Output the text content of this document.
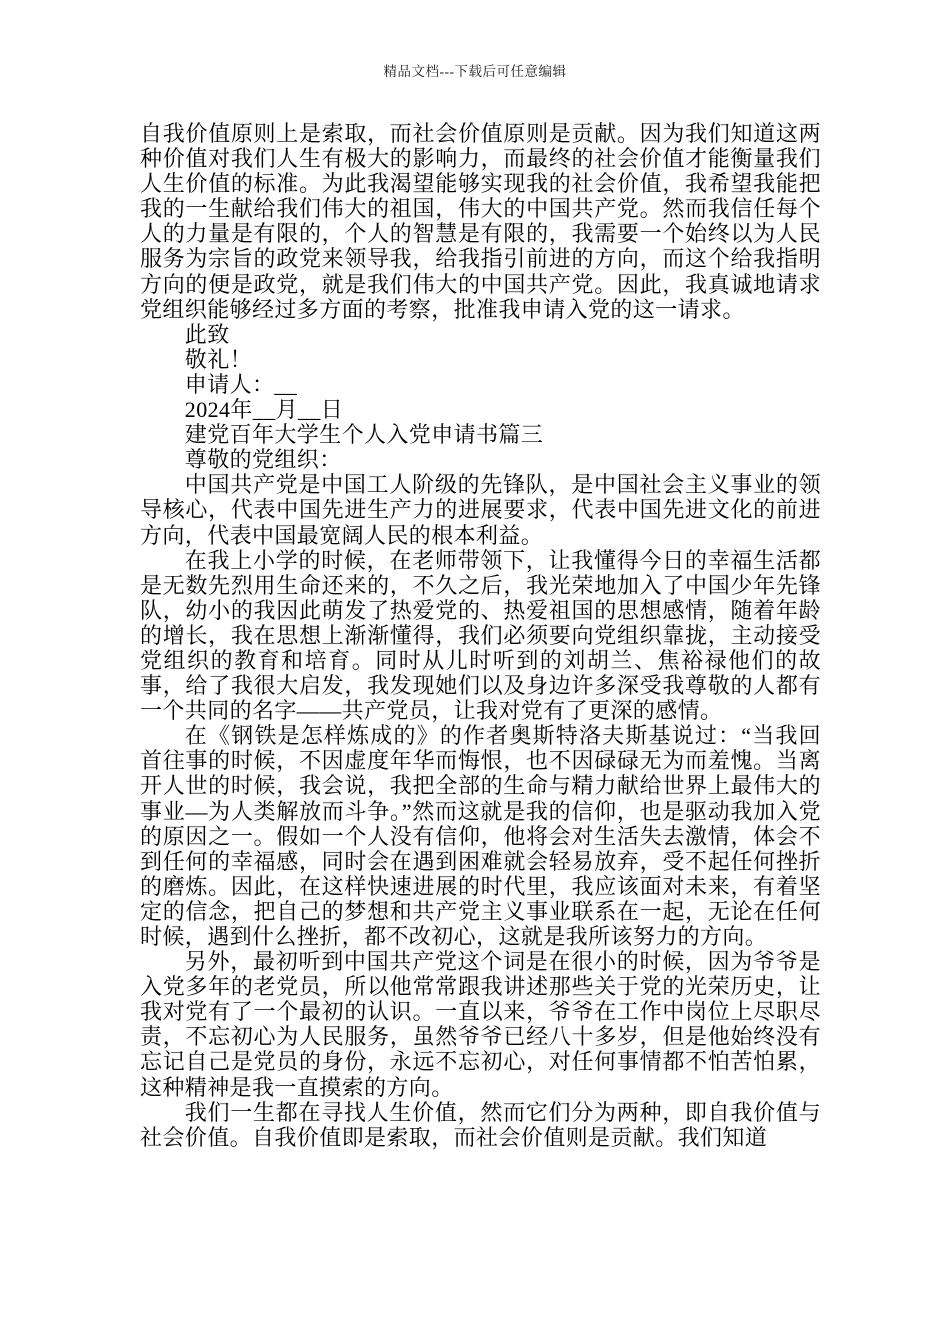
精品文档---下载后可任意编辑

自我价值原则上是索取，而社会价值原则是贡献。因为我们知道这两种价值对我们人生有极大的影响力，而最终的社会价值才能衡量我们人生价值的标准。为此我渴望能够实现我的社会价值，我希望我能把我的一生献给我们伟大的祖国，伟大的中国共产党。然而我信任每个人的力量是有限的，个人的智慧是有限的，我需要一个始终以为人民服务为宗旨的政党来领导我，给我指引前进的方向，而这个给我指明方向的便是政党，就是我们伟大的中国共产党。因此，我真诚地请求党组织能够经过多方面的考察，批准我申请入党的这一请求。

此致

敬礼！

申请人：__

2024年__月__日

建党百年大学生个人入党申请书篇三

尊敬的党组织：

中国共产党是中国工人阶级的先锋队，是中国社会主义事业的领导核心，代表中国先进生产力的进展要求，代表中国先进文化的前进方向，代表中国最宽阔人民的根本利益。

在我上小学的时候，在老师带领下，让我懂得今日的幸福生活都是无数先烈用生命还来的，不久之后，我光荣地加入了中国少年先锋队，幼小的我因此萌发了热爱党的、热爱祖国的思想感情，随着年龄的增长，我在思想上渐渐懂得，我们必须要向党组织靠拢，主动接受党组织的教育和培育。同时从儿时听到的刘胡兰、焦裕禄他们的故事，给了我很大启发，我发现她们以及身边许多深受我尊敬的人都有一个共同的名字——共产党员，让我对党有了更深的感情。

在《钢铁是怎样炼成的》的作者奥斯特洛夫斯基说过：“当我回首往事的时候，不因虚度年华而悔恨，也不因碌碌无为而羞愧。当离开人世的时候，我会说，我把全部的生命与精力献给世界上最伟大的事业—为人类解放而斗争。”然而这就是我的信仰，也是驱动我加入党的原因之一。假如一个人没有信仰，他将会对生活失去激情，体会不到任何的幸福感，同时会在遇到困难就会轻易放弃，受不起任何挫折的磨炼。因此，在这样快速进展的时代里，我应该面对未来，有着坚定的信念，把自己的梦想和共产党主义事业联系在一起，无论在任何时候，遇到什么挫折，都不改初心，这就是我所该努力的方向。

另外，最初听到中国共产党这个词是在很小的时候，因为爷爷是入党多年的老党员，所以他常常跟我讲述那些关于党的光荣历史，让我对党有了一个最初的认识。一直以来，爷爷在工作中岗位上尽职尽责，不忘初心为人民服务，虽然爷爷已经八十多岁，但是他始终没有忘记自己是党员的身份，永远不忘初心，对任何事情都不怕苦怕累，这种精神是我一直摸索的方向。

我们一生都在寻找人生价值，然而它们分为两种，即自我价值与社会价值。自我价值即是索取，而社会价值则是贡献。我们知道
